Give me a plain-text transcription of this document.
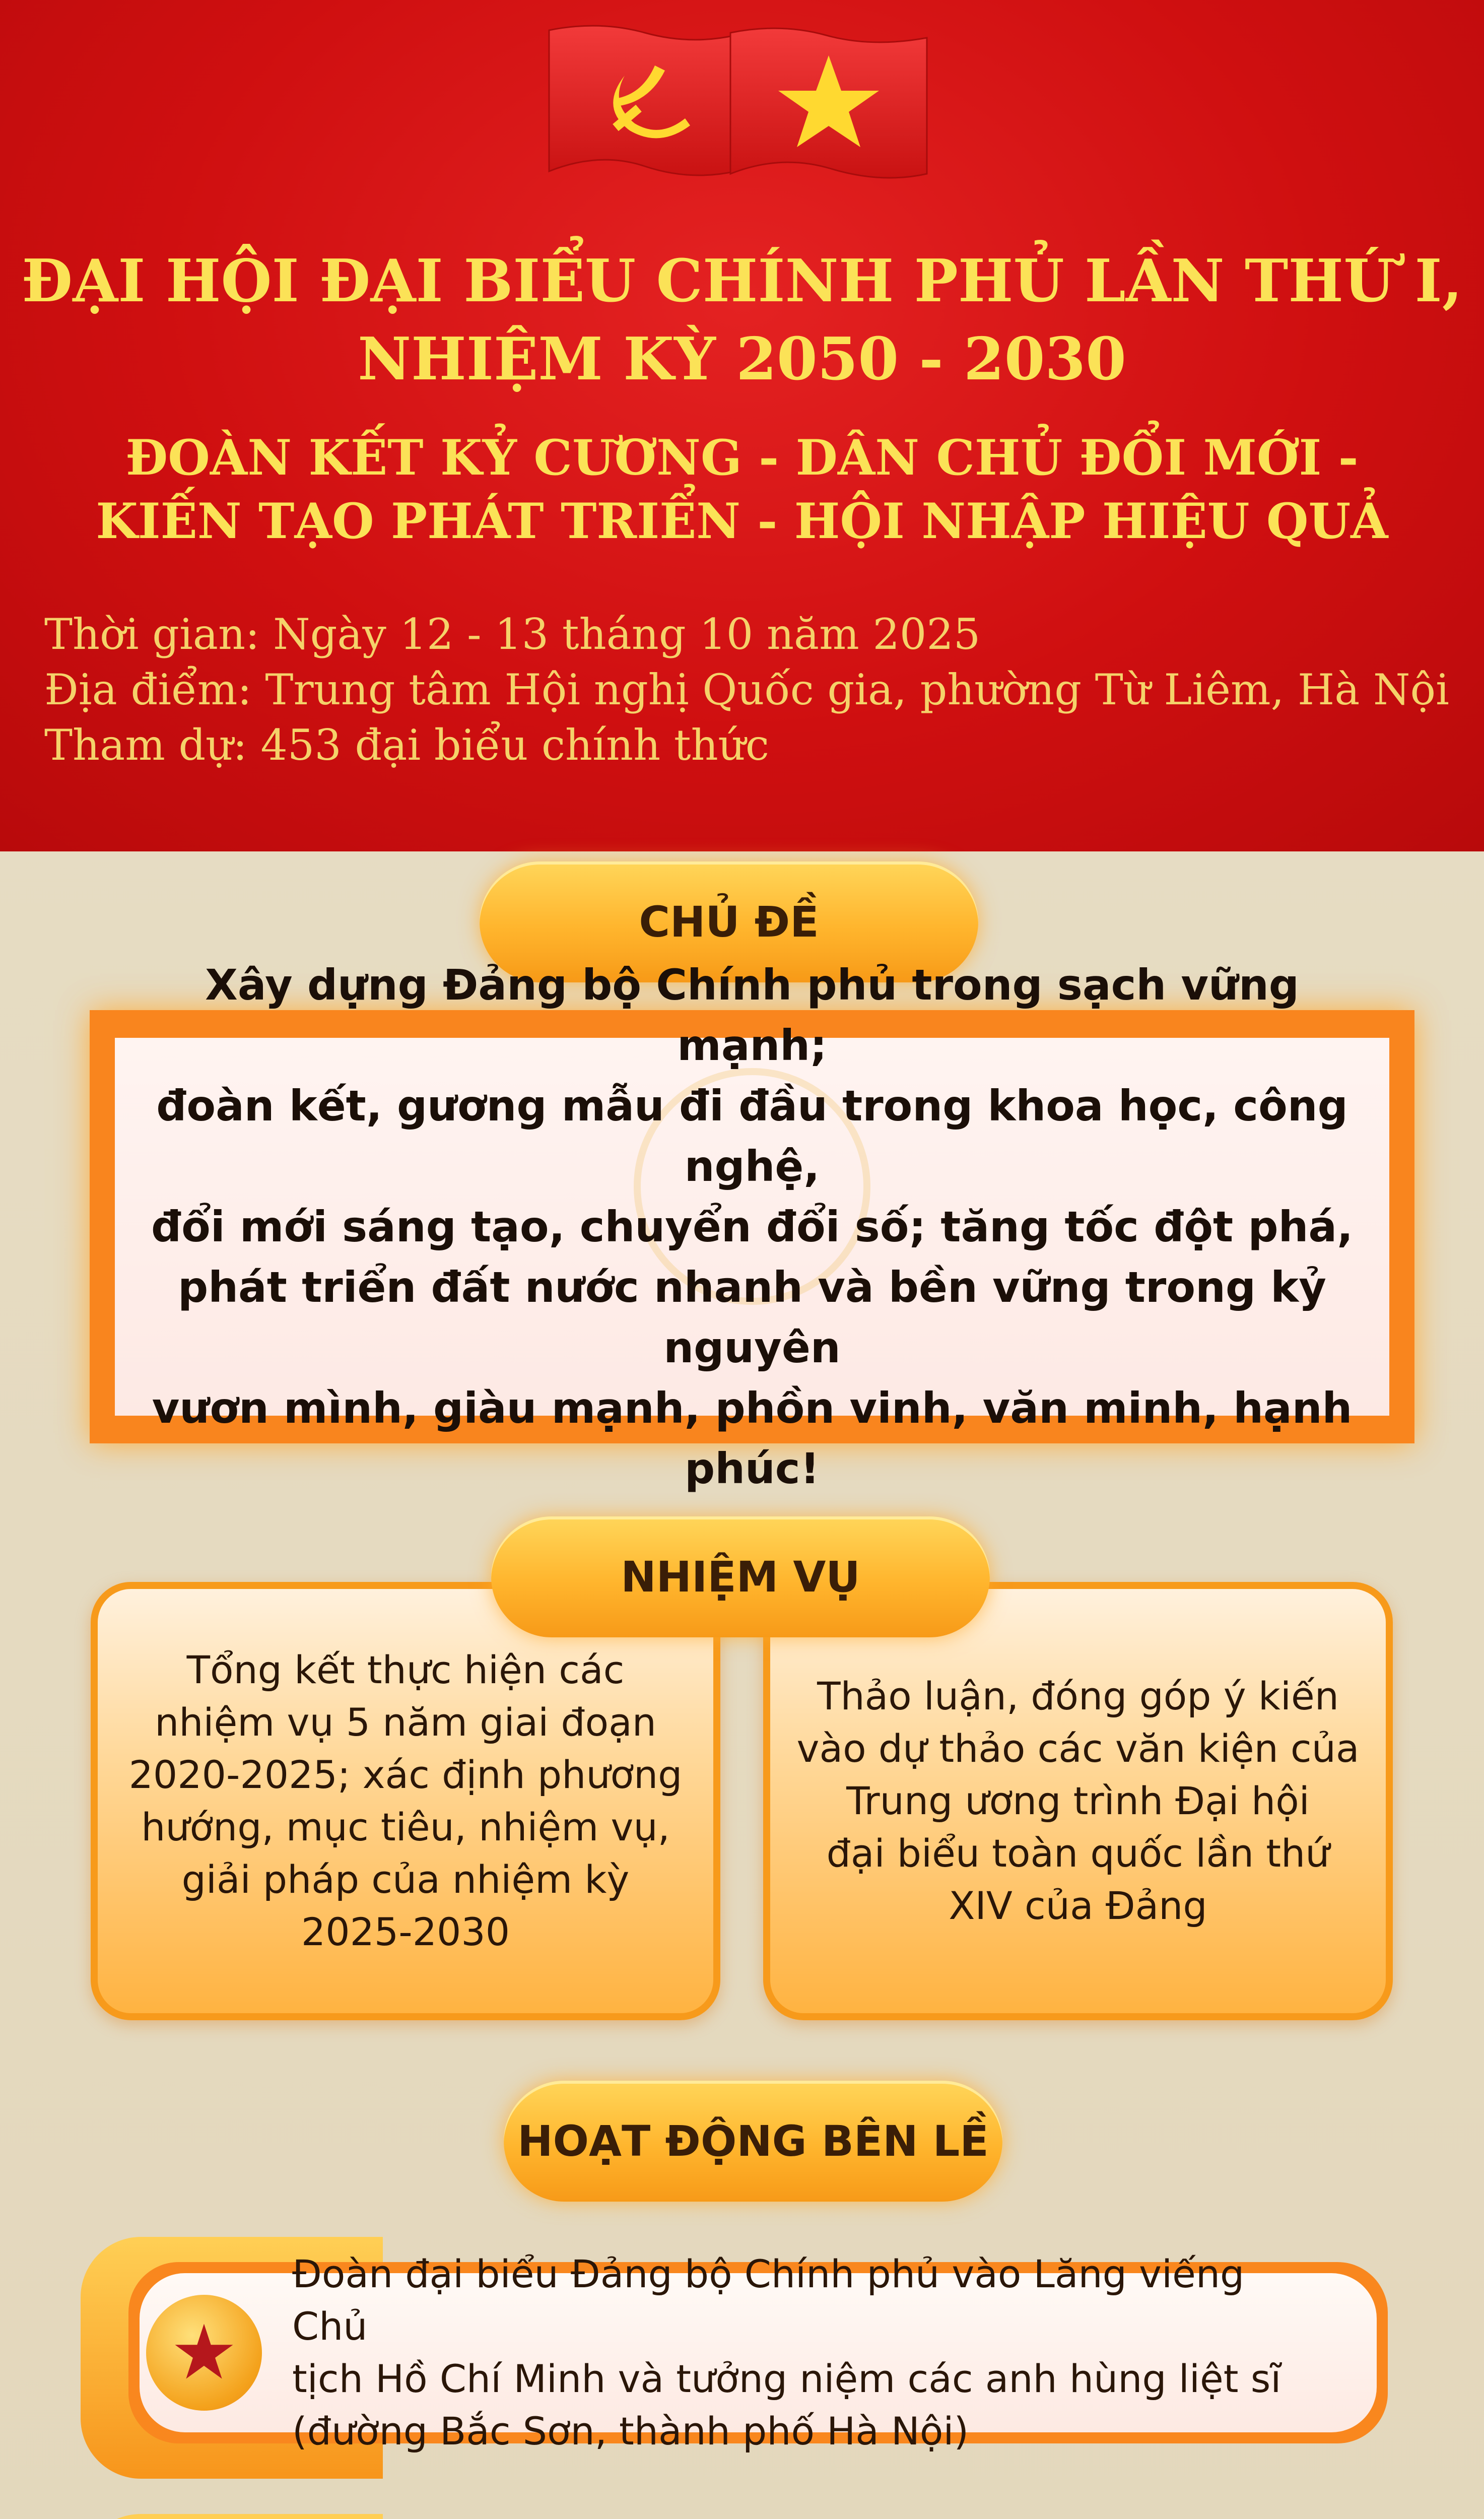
ĐẠI HỘI ĐẠI BIỂU CHÍNH PHỦ LẦN THỨ I,
NHIỆM KỲ 2050 - 2030
ĐOÀN KẾT KỶ CƯƠNG - DÂN CHỦ ĐỔI MỚI -
KIẾN TẠO PHÁT TRIỂN - HỘI NHẬP HIỆU QUẢ
Thời gian: Ngày 12 - 13 tháng 10 năm 2025
Địa điểm: Trung tâm Hội nghị Quốc gia, phường Từ Liêm, Hà Nội
Tham dự: 453 đại biểu chính thức
CHỦ ĐỀ
Xây dựng Đảng bộ Chính phủ trong sạch vững mạnh;
đoàn kết, gương mẫu đi đầu trong khoa học, công nghệ,
đổi mới sáng tạo, chuyển đổi số; tăng tốc đột phá,
phát triển đất nước nhanh và bền vững trong kỷ nguyên
vươn mình, giàu mạnh, phồn vinh, văn minh, hạnh phúc!
Tổng kết thực hiện các
nhiệm vụ 5 năm giai đoạn
2020-2025; xác định phương
hướng, mục tiêu, nhiệm vụ,
giải pháp của nhiệm kỳ
2025-2030
Thảo luận, đóng góp ý kiến
vào dự thảo các văn kiện của
Trung ương trình Đại hội
đại biểu toàn quốc lần thứ
XIV của Đảng
NHIỆM VỤ
HOẠT ĐỘNG BÊN LỀ
★
Đoàn đại biểu Đảng bộ Chính phủ vào Lăng viếng Chủ
tịch Hồ Chí Minh và tưởng niệm các anh hùng liệt sĩ
(đường Bắc Sơn, thành phố Hà Nội)
